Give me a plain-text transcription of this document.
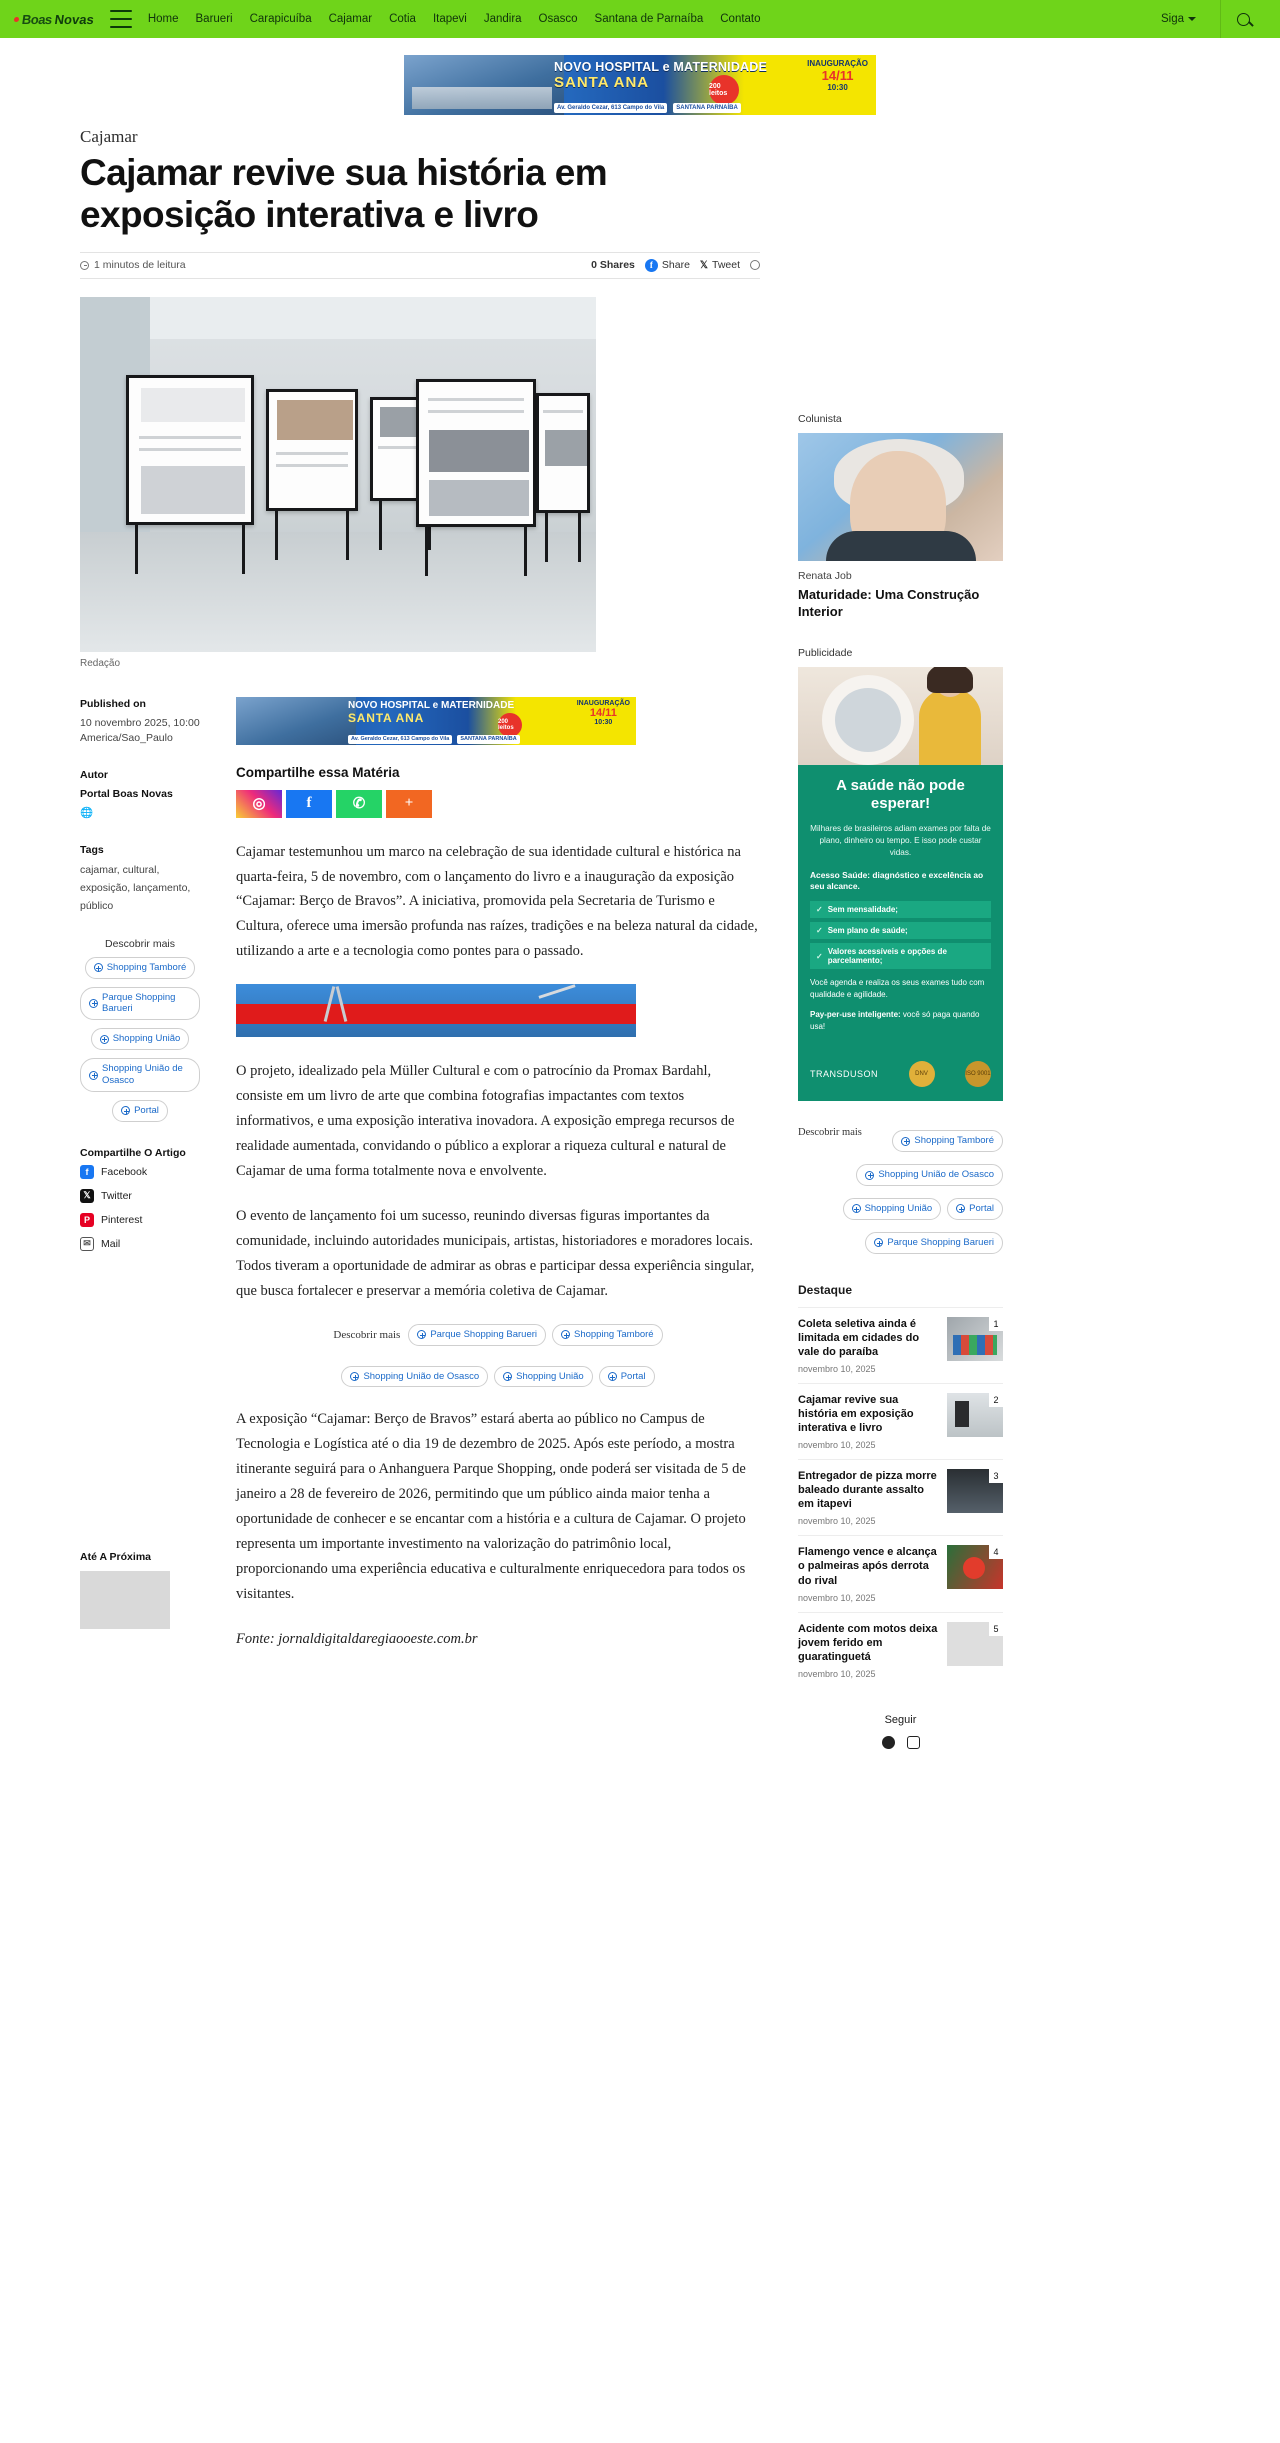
Boas Novas	Home Barueri Carapicuíba Cajamar Cotia Itapevi Jandira Osasco Santana de Parnaíba Contato	Siga
NOVO HOSPITAL e MATERNIDADE
SANTA ANA	200 leitos
INAUGURAÇÃO
14/11
10:30
Av. Geraldo Cezar, 613 Campo do Vila	SANTANA PARNAÍBA
Cajamar
Cajamar revive sua história em exposição interativa e livro
1 minutos de leitura	0 Shares	f Share 𝕏 Tweet
Redação
Published on
10 novembro 2025, 10:00
America/Sao_Paulo
Autor
Portal Boas Novas
🌐
Tags
cajamar, cultural, exposição, lançamento, público
Descobrir mais
Shopping Tamboré
Parque Shopping Barueri
Shopping União
Shopping União de Osasco
Portal
Compartilhe O Artigo
f	Facebook
𝕏 Twitter
P	Pinterest
✉ Mail
Até A Próxima
NOVO HOSPITAL e MATERNIDADE
SANTA ANA	200 leitos
INAUGURAÇÃO
14/11
10:30
Av. Geraldo Cezar, 613 Campo do Vila	SANTANA PARNAÍBA
Compartilhe essa Matéria
◎	f	✆	+

Cajamar testemunhou um marco na celebração de sua identidade cultural e histórica na quarta-feira, 5 de novembro, com o lançamento do livro e a inauguração da exposição “Cajamar: Berço de Bravos”. A iniciativa, promovida pela Secretaria de Turismo e Cultura, oferece uma imersão profunda nas raízes, tradições e na beleza natural da cidade, utilizando a arte e a tecnologia como pontes para o passado.

O projeto, idealizado pela Müller Cultural e com o patrocínio da Promax Bardahl, consiste em um livro de arte que combina fotografias impactantes com textos informativos, e uma exposição interativa inovadora. A exposição emprega recursos de realidade aumentada, convidando o público a explorar a riqueza cultural e natural de Cajamar de uma forma totalmente nova e envolvente.

O evento de lançamento foi um sucesso, reunindo diversas figuras importantes da comunidade, incluindo autoridades municipais, artistas, historiadores e moradores locais. Todos tiveram a oportunidade de admirar as obras e participar dessa experiência singular, que busca fortalecer e preservar a memória coletiva de Cajamar.

Descobrir mais	Parque Shopping Barueri	Shopping Tamboré
Shopping União de Osasco	Shopping União	Portal

A exposição “Cajamar: Berço de Bravos” estará aberta ao público no Campus de Tecnologia e Logística até o dia 19 de dezembro de 2025. Após este período, a mostra itinerante seguirá para o Anhanguera Parque Shopping, onde poderá ser visitada de 5 de janeiro a 28 de fevereiro de 2026, permitindo que um público ainda maior tenha a oportunidade de conhecer e se encantar com a história e a cultura de Cajamar. O projeto representa um importante investimento na valorização do patrimônio local, proporcionando uma experiência educativa e culturalmente enriquecedora para todos os visitantes.

Fonte: jornaldigitaldaregiaooeste.com.br

Colunista
Renata Job
Maturidade: Uma Construção Interior
Publicidade
A saúde não pode esperar!
Milhares de brasileiros adiam exames por falta de plano, dinheiro ou tempo. E isso pode custar vidas.
Acesso Saúde: diagnóstico e excelência ao seu alcance.
✓ Sem mensalidade;
✓ Sem plano de saúde;
✓ Valores acessíveis e opções de parcelamento;
Você agenda e realiza os seus exames tudo com qualidade e agilidade.
Pay-per-use inteligente: você só paga quando usa!
TRANSDUSON	DNV	ISO 9001
Descobrir mais
Shopping Tamboré
Shopping União de Osasco
Shopping União	Portal
Parque Shopping Barueri
Destaque
Coleta seletiva ainda é limitada em cidades do vale do paraíba
novembro 10, 2025
1
Cajamar revive sua história em exposição interativa e livro
novembro 10, 2025
2
Entregador de pizza morre baleado durante assalto em itapevi
novembro 10, 2025
3
Flamengo vence e alcança o palmeiras após derrota do rival
novembro 10, 2025
4
Acidente com motos deixa jovem ferido em guaratinguetá
novembro 10, 2025
5
Seguir
